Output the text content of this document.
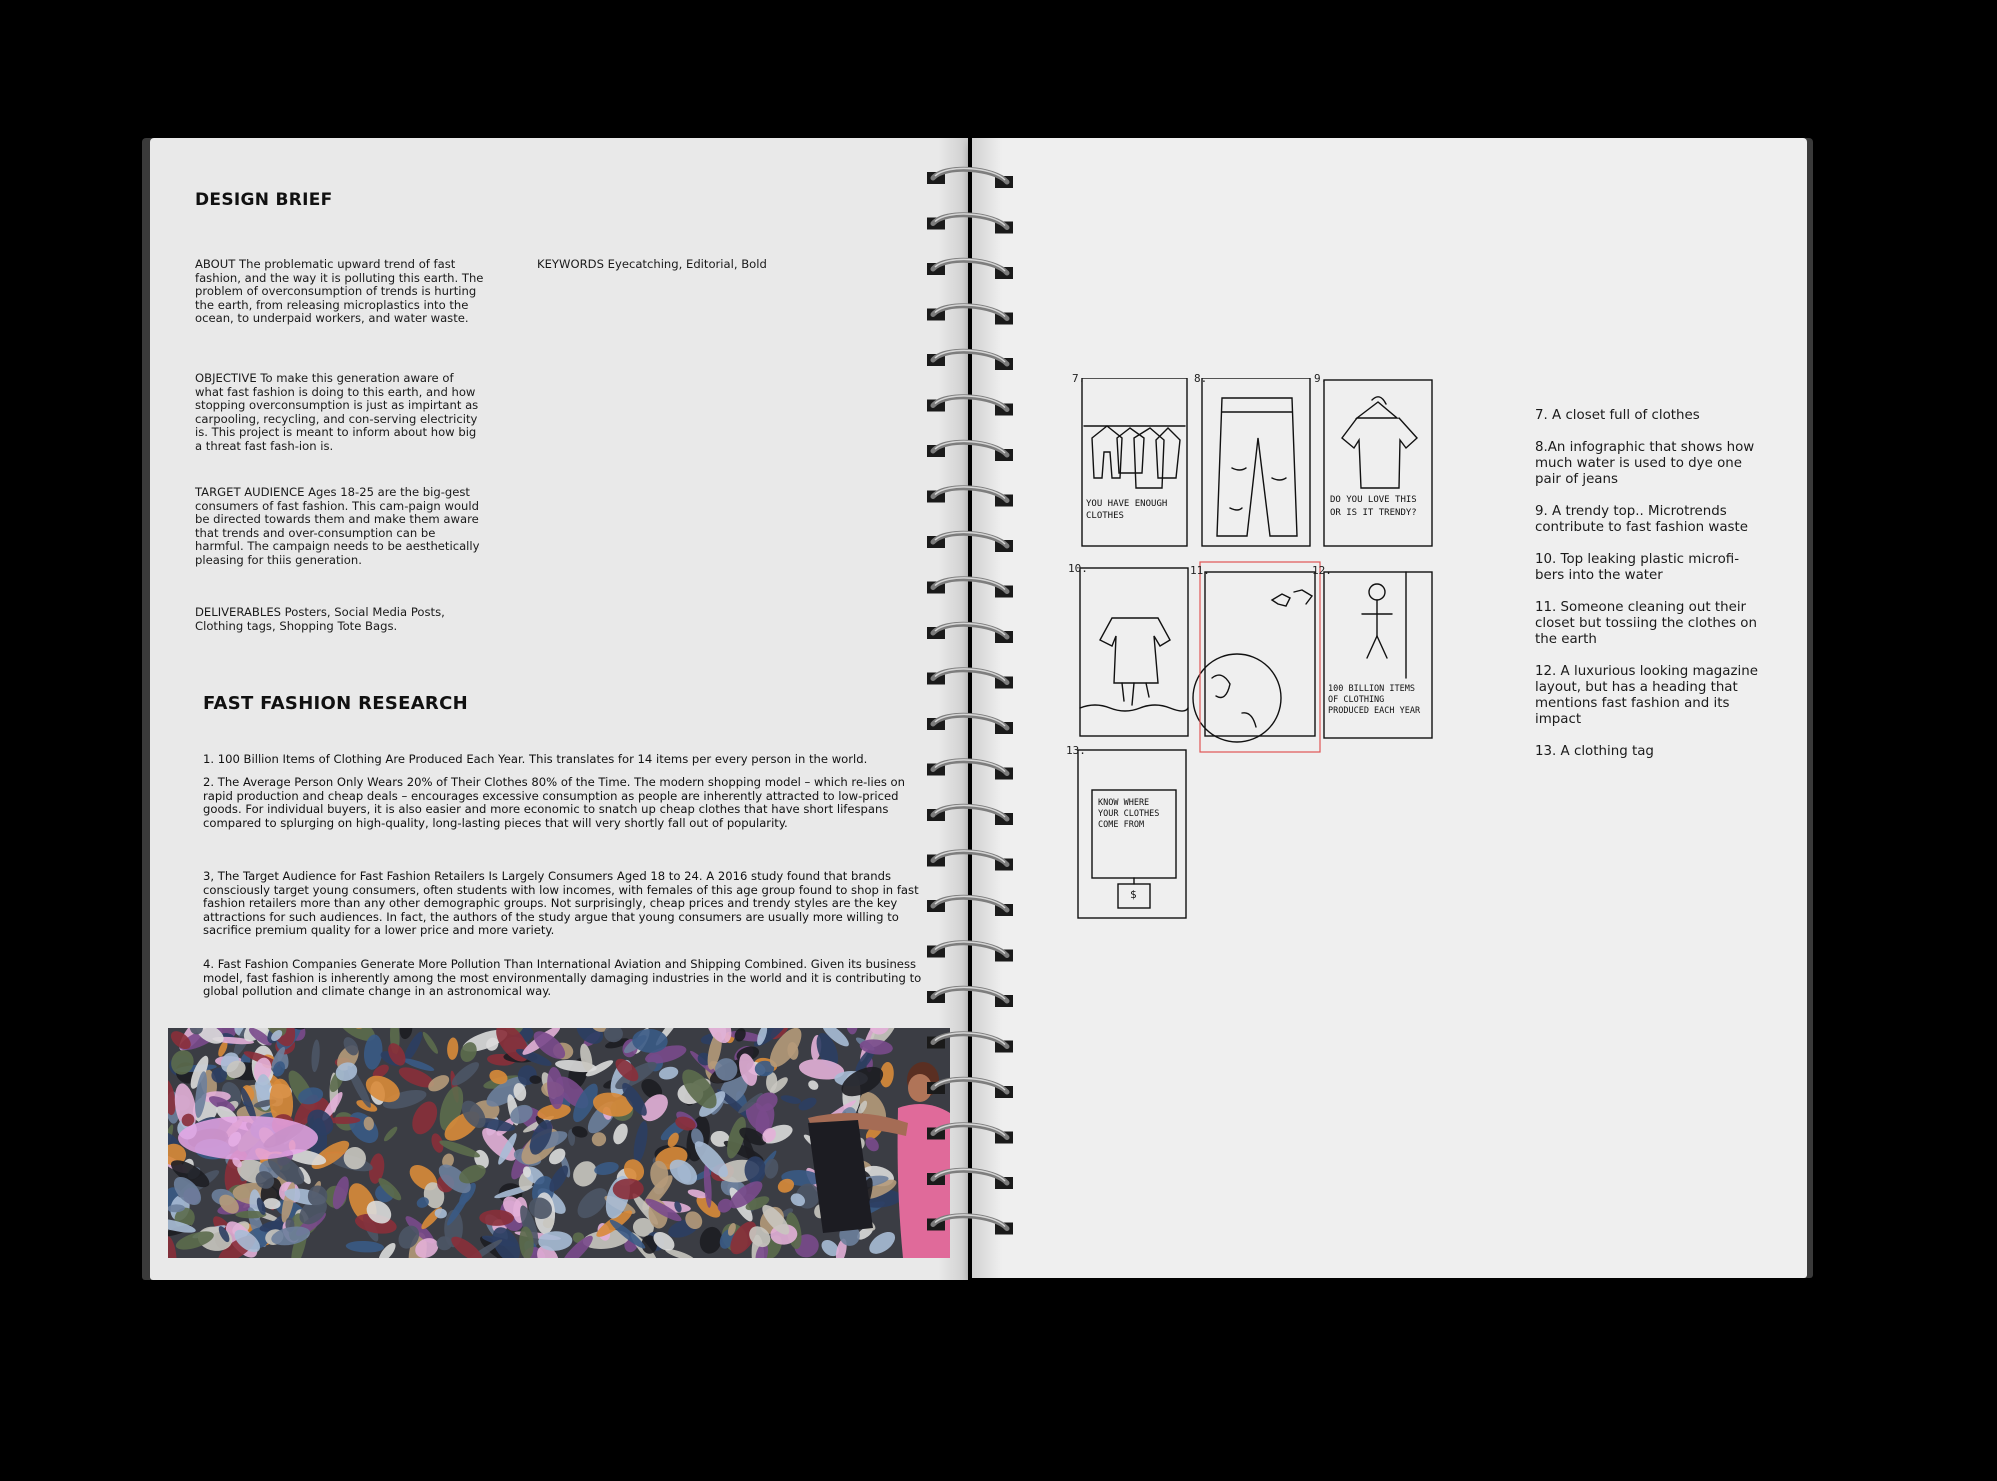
DESIGN BRIEF
ABOUT The problematic upward trend of fast fashion, and the way it is polluting this earth. The problem of overconsumption of trends is hurting the earth, from releasing microplastics into the ocean, to underpaid workers, and water waste.
KEYWORDS Eyecatching, Editorial, Bold
OBJECTIVE To make this generation aware of what fast fashion is doing to this earth, and how stopping overconsumption is just as impirtant as carpooling, recycling, and con-serving electricity is. This project is meant to inform about how big a threat fast fash-ion is.
TARGET AUDIENCE Ages 18-25 are the big-gest consumers of fast fashion. This cam-paign would be directed towards them and make them aware that trends and over-consumption can be harmful. The campaign needs to be aesthetically pleasing for thiis generation.
DELIVERABLES Posters, Social Media Posts, Clothing tags, Shopping Tote Bags.
FAST FASHION RESEARCH
1. 100 Billion Items of Clothing Are Produced Each Year. This translates for 14 items per every person in the world.
2. The Average Person Only Wears 20% of Their Clothes 80% of the Time. The modern shopping model – which re-lies on rapid production and cheap deals – encourages excessive consumption as people are inherently attracted to low-priced goods. For individual buyers, it is also easier and more economic to snatch up cheap clothes that have short lifespans compared to splurging on high-quality, long-lasting pieces that will very shortly fall out of popularity.
3, The Target Audience for Fast Fashion Retailers Is Largely Consumers Aged 18 to 24. A 2016 study found that brands consciously target young consumers, often students with low incomes, with females of this age group found to shop in fast fashion retailers more than any other demographic groups. Not surprisingly, cheap prices and trendy styles are the key attractions for such audiences. In fact, the authors of the study argue that young consumers are usually more willing to sacrifice premium quality for a lower price and more variety.
4. Fast Fashion Companies Generate More Pollution Than International Aviation and Shipping Combined. Given its business model, fast fashion is inherently among the most environmentally damaging industries in the world and it is contributing to global pollution and climate change in an astronomical way.
7.	8.	9.
10.	11.	12.
13.
YOU HAVE ENOUGH CLOTHES
DO YOU LOVE THIS OR IS IT TRENDY?
100 BILLION ITEMS OF CLOTHING PRODUCED EACH YEAR
KNOW WHERE YOUR CLOTHES COME FROM
$
7. A closet full of clothes
8.An infographic that shows how much water is used to dye one pair of jeans
9. A trendy top.. Microtrends contribute to fast fashion waste
10. Top leaking plastic microfi-bers into the water
11. Someone cleaning out their closet but tossiing the clothes on the earth
12. A luxurious looking magazine layout, but has a heading that mentions fast fashion and its impact
13. A clothing tag
